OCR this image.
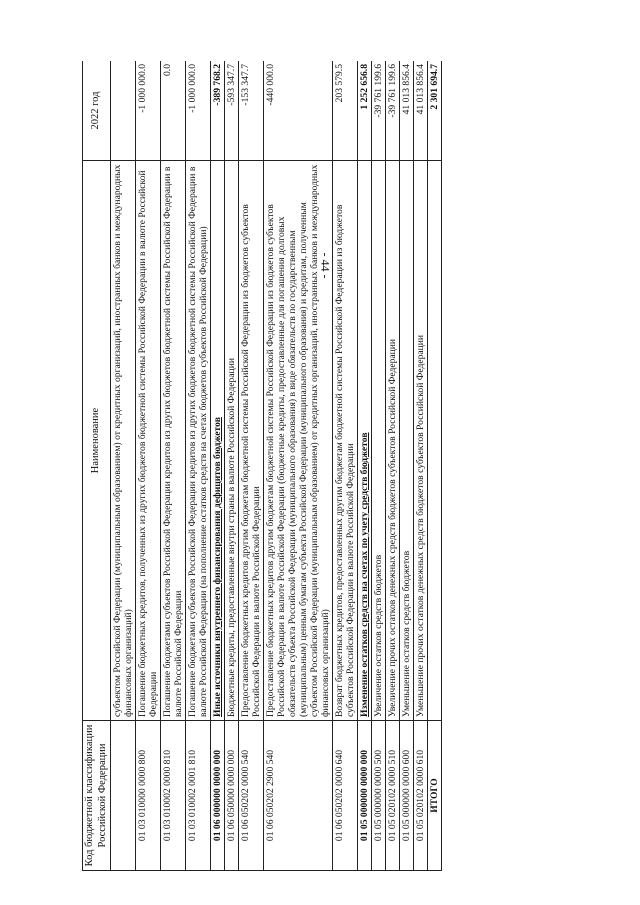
- 44 -
Код бюджетной классификации Российской Федерации	Наименование	2022 год
	субъектом Российской Федерации (муниципальным образованием) от кредитных организаций, иностранных банков и международных финансовых организаций)	
01 03 010000 0000 800	Погашение бюджетных кредитов, полученных из других бюджетов бюджетной системы Российской Федерации в валюте Российской Федерации	-1 000 000.0
01 03 010002 0000 810	Погашение бюджетами субъектов Российской Федерации кредитов из других бюджетов бюджетной системы Российской Федерации в валюте Российской Федерации	0.0
01 03 010002 0001 810	Погашение бюджетами субъектов Российской Федерации кредитов из других бюджетов бюджетной системы Российской Федерации в валюте Российской Федерации (на пополнение остатков средств на счетах бюджетов субъектов Российской Федерации)	-1 000 000.0
01 06 000000 0000 000	Иные источники внутреннего финансирования дефицитов бюджетов	-389 768.2
01 06 050000 0000 000	Бюджетные кредиты, предоставленные внутри страны в валюте Российской Федерации	-593 347.7
01 06 050202 0000 540	Предоставление бюджетных кредитов другим бюджетам бюджетной системы Российской Федерации из бюджетов субъектов Российской Федерации в валюте Российской Федерации	-153 347.7
01 06 050202 2900 540	Предоставление бюджетных кредитов другим бюджетам бюджетной системы Российской Федерации из бюджетов субъектов Российской Федерации в валюте Российской Федерации (бюджетные кредиты, предоставленные для погашения долговых обязательств субъекта Российской Федерации (муниципального образования) в виде обязательств по государственным (муниципальным) ценным бумагам субъекта Российской Федерации (муниципального образования) и кредитам, полученным субъектом Российской Федерации (муниципальным образованием) от кредитных организаций, иностранных банков и международных финансовых организаций)	-440 000.0
01 06 050202 0000 640	Возврат бюджетных кредитов, предоставленных другим бюджетам бюджетной системы Российской Федерации из бюджетов субъектов Российской Федерации в валюте Российской Федерации	203 579.5
01 05 000000 0000 000	Изменение остатков средств на счетах по учету средств бюджетов	1 252 656.8
01 05 000000 0000 500	Увеличение остатков средств бюджетов	-39 761 199.6
01 05 020102 0000 510	Увеличение прочих остатков денежных средств бюджетов субъектов Российской Федерации	-39 761 199.6
01 05 000000 0000 600	Уменьшение остатков средств бюджетов	41 013 856.4
01 05 020102 0000 610	Уменьшение прочих остатков денежных средств бюджетов субъектов Российской Федерации	41 013 856.4
ИТОГО		2 301 694.7
